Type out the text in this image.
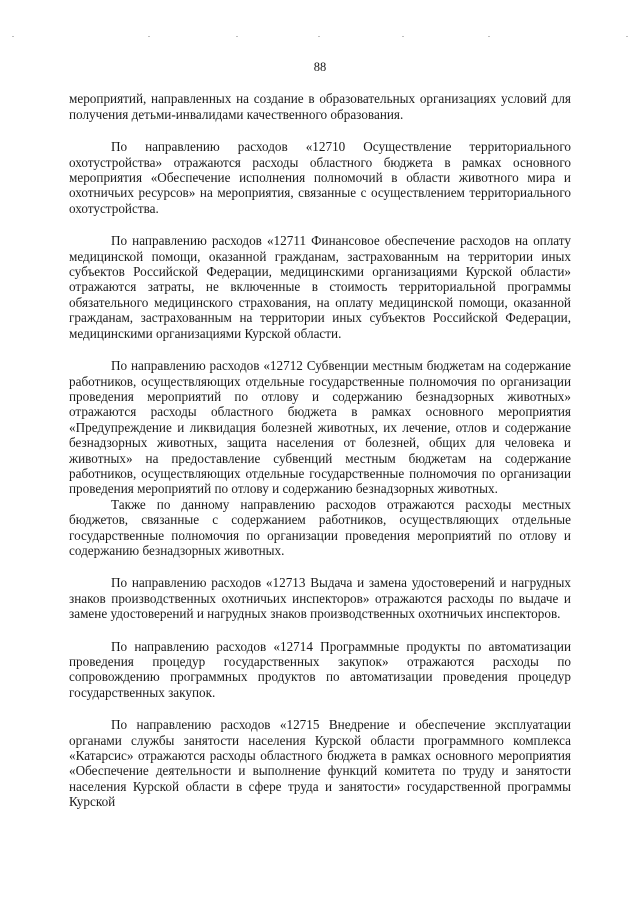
88

мероприятий, направленных на создание в образовательных организациях условий для получения детьми-инвалидами качественного образования.

По направлению расходов «12710 Осуществление территориального охотустройства» отражаются расходы областного бюджета в рамках основного мероприятия «Обеспечение исполнения полномочий в области животного мира и охотничьих ресурсов» на мероприятия, связанные с осуществлением территориального охотустройства.

По направлению расходов «12711 Финансовое обеспечение расходов на оплату медицинской помощи, оказанной гражданам, застрахованным на территории иных субъектов Российской Федерации, медицинскими организациями Курской области» отражаются затраты, не включенные в стоимость территориальной программы обязательного медицинского страхования, на оплату медицинской помощи, оказанной гражданам, застрахованным на территории иных субъектов Российской Федерации, медицинскими организациями Курской области.

По направлению расходов «12712 Субвенции местным бюджетам на содержание работников, осуществляющих отдельные государственные полномочия по организации проведения мероприятий по отлову и содержанию безнадзорных животных» отражаются расходы областного бюджета в рамках основного мероприятия «Предупреждение и ликвидация болезней животных, их лечение, отлов и содержание безнадзорных животных, защита населения от болезней, общих для человека и животных» на предоставление субвенций местным бюджетам на содержание работников, осуществляющих отдельные государственные полномочия по организации проведения мероприятий по отлову и содержанию безнадзорных животных.

Также по данному направлению расходов отражаются расходы местных бюджетов, связанные с содержанием работников, осуществляющих отдельные государственные полномочия по организации проведения мероприятий по отлову и содержанию безнадзорных животных.

По направлению расходов «12713 Выдача и замена удостоверений и нагрудных знаков производственных охотничьих инспекторов» отражаются расходы по выдаче и замене удостоверений и нагрудных знаков производственных охотничьих инспекторов.

По направлению расходов «12714 Программные продукты по автоматизации проведения процедур государственных закупок» отражаются расходы по сопровождению программных продуктов по автоматизации проведения процедур государственных закупок.

По направлению расходов «12715 Внедрение и обеспечение эксплуатации органами службы занятости населения Курской области программного комплекса «Катарсис» отражаются расходы областного бюджета в рамках основного мероприятия «Обеспечение деятельности и выполнение функций комитета по труду и занятости населения Курской области в сфере труда и занятости» государственной программы Курской
